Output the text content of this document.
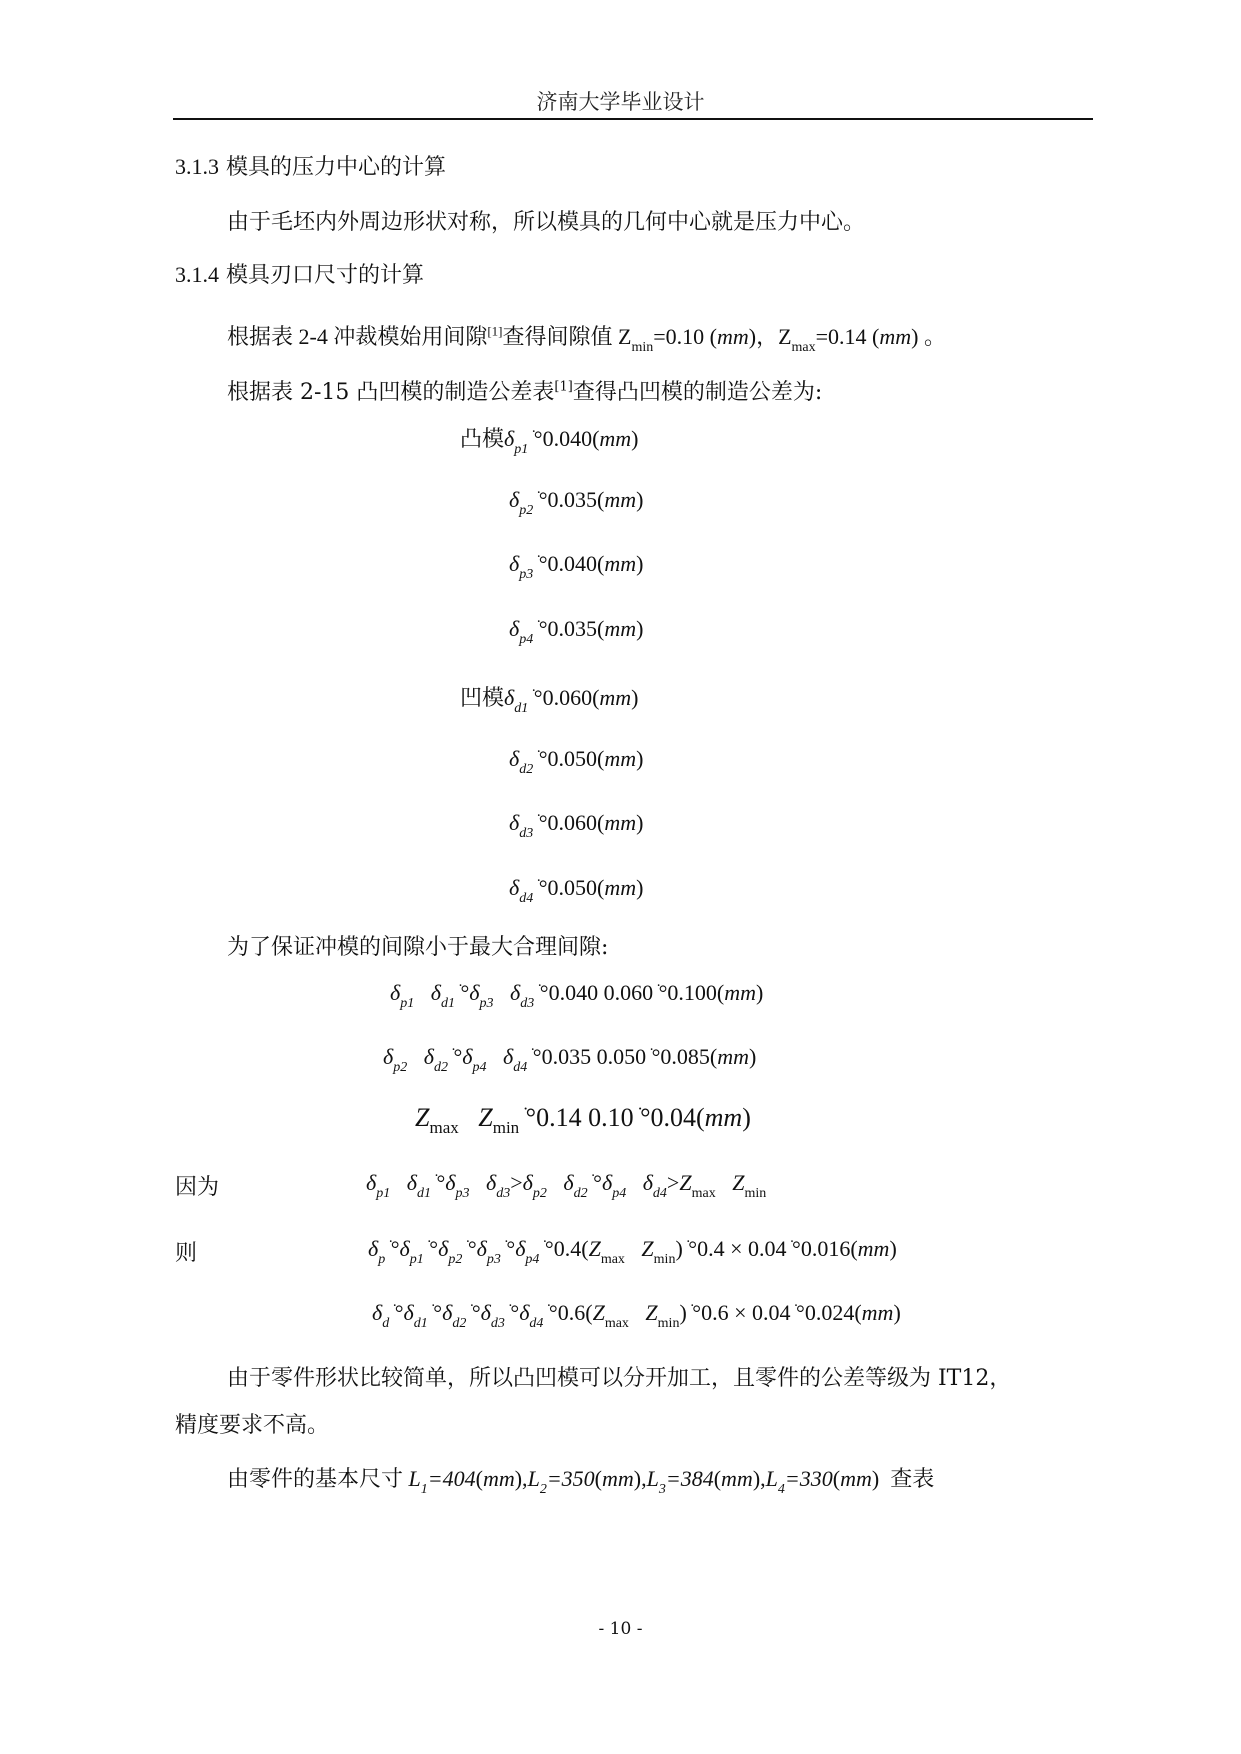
济南大学毕业设计
3.1.3 模具的压力中心的计算
由于毛坯内外周边形状对称，所以模具的几何中心就是压力中心。
3.1.4 模具刃口尺寸的计算
根据表 2-4 冲裁模始用间隙[1]查得间隙值 $Z_{min}=0.10$ (mm)，$Z_{max}=0.14$ (mm) 。
根据表 2-15 凸凹模的制造公差表[1]查得凸凹模的制造公差为:
凸模$\delta_{p1}$ ׂ°0.040(mm)
$\delta_{p2}$ ׂ°0.035(mm)
$\delta_{p3}$ ׂ°0.040(mm)
$\delta_{p4}$ ׂ°0.035(mm)
凹模$\delta_{d1}$ ׂ°0.060(mm)
$\delta_{d2}$ ׂ°0.050(mm)
$\delta_{d3}$ ׂ°0.060(mm)
$\delta_{d4}$ ׂ°0.050(mm)
为了保证冲模的间隙小于最大合理间隙:
$\delta_{p1}$ $\delta_{d1}$ $ׂ^\circ\delta_{p3}$ $\delta_{d3}$ ׂ°0.040 0.060 ׂ°0.100(mm)
$\delta_{p2}$ $\delta_{d2}$ $ׂ^\circ\delta_{p4}$ $\delta_{d4}$ ׂ°0.035 0.050 ׂ°0.085(mm)
$Z_{max}$ $Z_{min}$ ׂ°0.14 0.10 ׂ°0.04(mm)
因为	$\delta_{p1}$ $\delta_{d1}$ $ׂ^\circ\delta_{p3}$ $\delta_{d3}>\delta_{p2}$ $\delta_{d2}$ $ׂ^\circ\delta_{p4}$ $\delta_{d4}>Z_{max}$ $Z_{min}$
则	$\delta_p$ $ׂ^\circ\delta_{p1}$ $ׂ^\circ\delta_{p2}$ $ׂ^\circ\delta_{p3}$ $ׂ^\circ\delta_{p4}$ $ׂ^\circ 0.4(Z_{max}$ $Z_{min}$) ׂ°0.4 × 0.04 ׂ°0.016(mm)
$\delta_d$ $ׂ^\circ\delta_{d1}$ $ׂ^\circ\delta_{d2}$ $ׂ^\circ\delta_{d3}$ $ׂ^\circ\delta_{d4}$ $ׂ^\circ 0.6(Z_{max}$ $Z_{min}$) ׂ°0.6 × 0.04 ׂ°0.024(mm)
由于零件形状比较简单，所以凸凹模可以分开加工，且零件的公差等级为 IT12，
精度要求不高。
由零件的基本尺寸 $L_1=404(mm),L_2=350(mm),L_3=384(mm),L_4=330(mm)$  查表
- 10 -
